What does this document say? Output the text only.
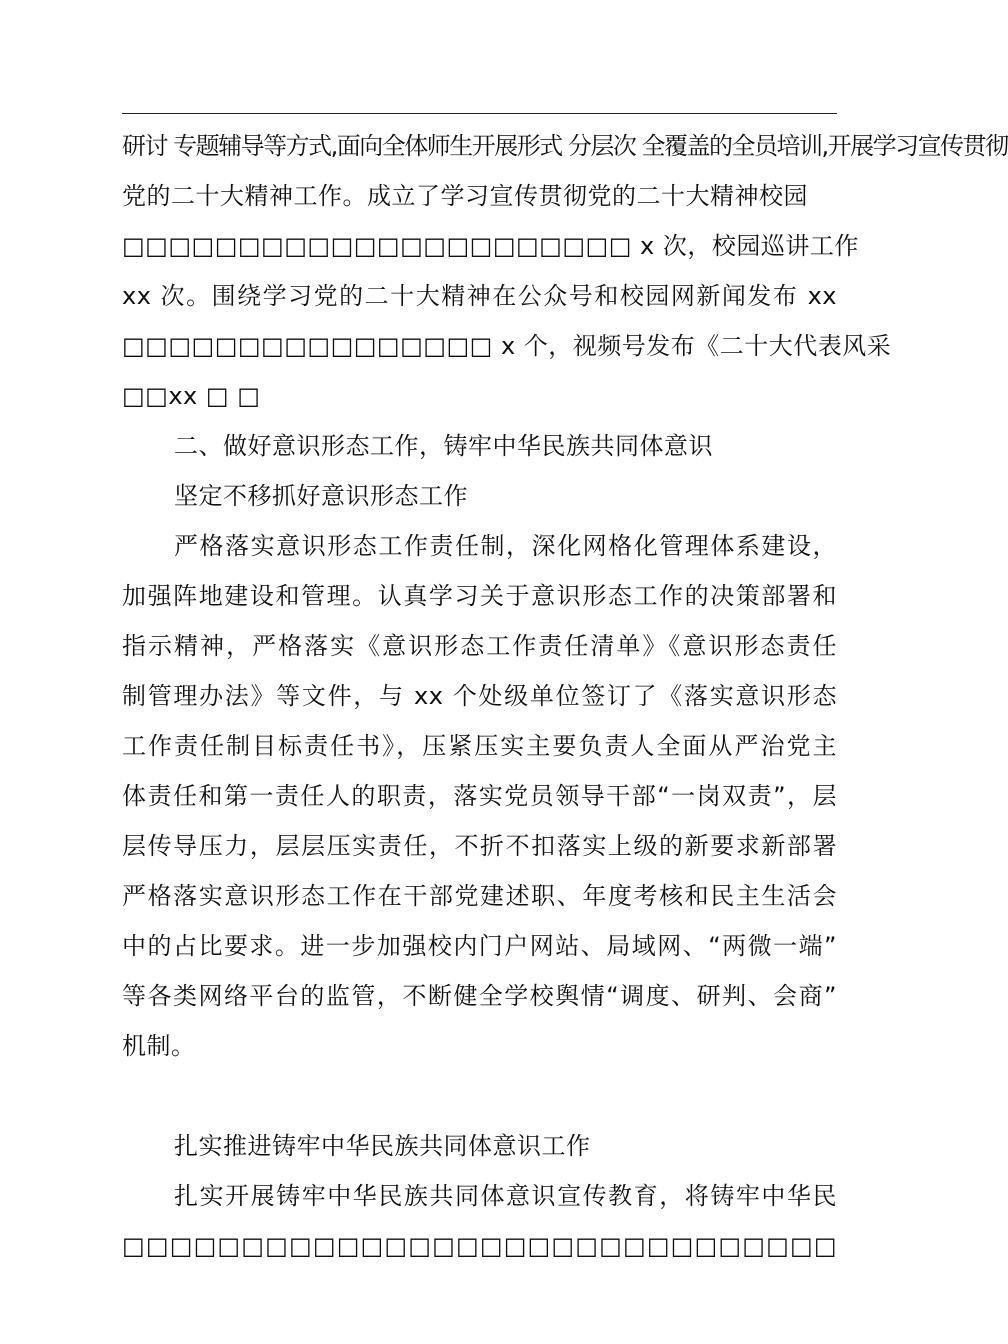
研讨 专题辅导等方式,面向全体师生开展形式 分层次 全覆盖的全员培训,开展学习宣传贯彻
党的二十大精神工作。成立了学习宣传贯彻党的二十大精神校园
□□□□□□□□□□□□□□□□□□□□□□ x 次，校园巡讲工作
xx 次。围绕学习党的二十大精神在公众号和校园网新闻发布 xx
□□□□□□□□□□□□□□□□ x 个，视频号发布《二十大代表风采
□□xx □ □
二、做好意识形态工作，铸牢中华民族共同体意识
坚定不移抓好意识形态工作
严格落实意识形态工作责任制，深化网格化管理体系建设，
加强阵地建设和管理。认真学习关于意识形态工作的决策部署和
指示精神，严格落实《意识形态工作责任清单》《意识形态责任
制管理办法》等文件，与 xx 个处级单位签订了《落实意识形态
工作责任制目标责任书》，压紧压实主要负责人全面从严治党主
体责任和第一责任人的职责，落实党员领导干部“一岗双责”，层
层传导压力，层层压实责任，不折不扣落实上级的新要求新部署
严格落实意识形态工作在干部党建述职、年度考核和民主生活会
中的占比要求。进一步加强校内门户网站、局域网、“两微一端”
等各类网络平台的监管，不断健全学校舆情“调度、研判、会商”
机制。
扎实推进铸牢中华民族共同体意识工作
扎实开展铸牢中华民族共同体意识宣传教育，将铸牢中华民
□□□□□□□□□□□□□□□□□□□□□□□□□□□□□□
